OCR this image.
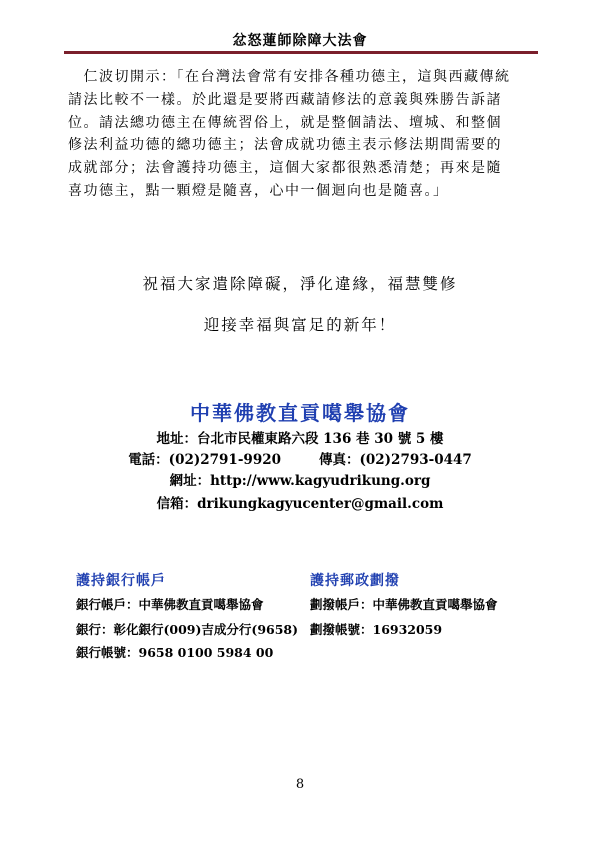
忿怒蓮師除障大法會

　仁波切開示：「在台灣法會常有安排各種功德主，這與西藏傳統

請法比較不一樣。於此還是要將西藏請修法的意義與殊勝告訴諸

位。請法總功德主在傳統習俗上，就是整個請法、壇城、和整個

修法利益功德的總功德主；法會成就功德主表示修法期間需要的

成就部分；法會護持功德主，這個大家都很熟悉清楚；再來是隨

喜功德主，點一顆燈是隨喜，心中一個迴向也是隨喜。」

祝福大家遣除障礙，淨化違緣，福慧雙修
迎接幸福與富足的新年！
中華佛教直貢噶舉協會
地址：台北市民權東路六段 136 巷 30 號 5 樓
電話：(02)2791-9920	傳真：(02)2793-0447
網址：http://www.kagyudrikung.org
信箱：drikungkagyucenter@gmail.com
護持銀行帳戶	護持郵政劃撥
銀行帳戶：中華佛教直貢噶舉協會	劃撥帳戶：中華佛教直貢噶舉協會
銀行：彰化銀行(009)吉成分行(9658) 劃撥帳號：16932059
銀行帳號：9658 0100 5984 00
8
